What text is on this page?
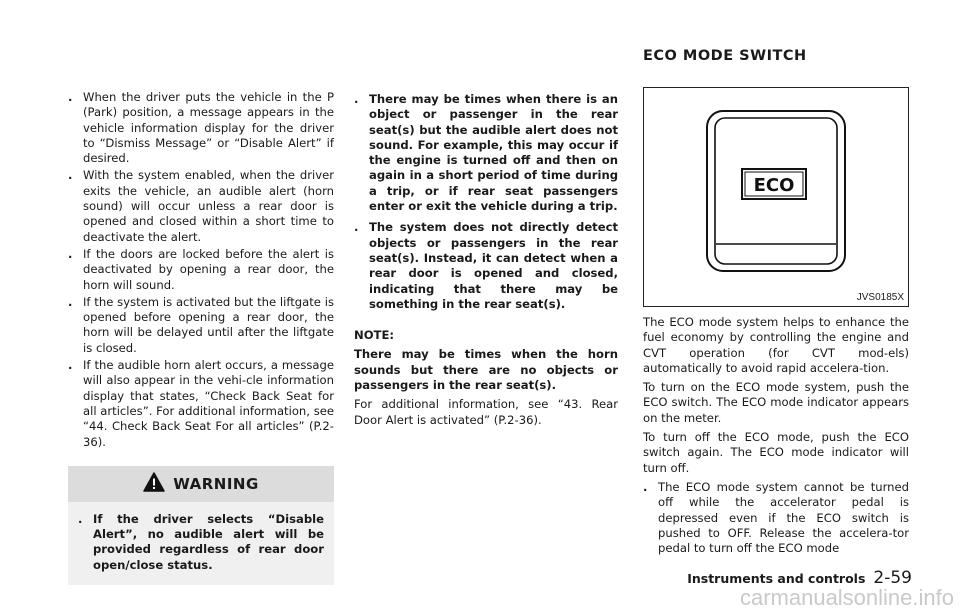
. When the driver puts the vehicle in the P (Park) position, a message appears in the vehicle information display for the driver to “Dismiss Message” or “Disable Alert” if desired.
. With the system enabled, when the driver exits the vehicle, an audible alert (horn sound) will occur unless a rear door is opened and closed within a short time to deactivate the alert.
. If the doors are locked before the alert is deactivated by opening a rear door, the horn will sound.
. If the system is activated but the liftgate is opened before opening a rear door, the horn will be delayed until after the liftgate is closed.
. If the audible horn alert occurs, a message will also appear in the vehi-cle information display that states, “Check Back Seat for all articles”. For additional information, see “44. Check Back Seat For all articles” (P.2-36).
WARNING
. If the driver selects “Disable Alert”, no audible alert will be provided regardless of rear door open/close status.
. There may be times when there is an object or passenger in the rear seat(s) but the audible alert does not sound. For example, this may occur if the engine is turned off and then on again in a short period of time during a trip, or if rear seat passengers enter or exit the vehicle during a trip.
. The system does not directly detect objects or passengers in the rear seat(s). Instead, it can detect when a rear door is opened and closed, indicating that there may be something in the rear seat(s).
NOTE:
There may be times when the horn sounds but there are no objects or passengers in the rear seat(s).
For additional information, see “43. Rear Door Alert is activated” (P.2-36).
ECO MODE SWITCH
ECO
JVS0185X
The ECO mode system helps to enhance the fuel economy by controlling the engine and CVT operation (for CVT mod-els) automatically to avoid rapid accelera-tion.
To turn on the ECO mode system, push the ECO switch. The ECO mode indicator appears on the meter.
To turn off the ECO mode, push the ECO switch again. The ECO mode indicator will turn off.
. The ECO mode system cannot be turned off while the accelerator pedal is depressed even if the ECO switch is pushed to OFF. Release the accelera-tor pedal to turn off the ECO mode
Instruments and controls 2-59
carmanualsonline.info
